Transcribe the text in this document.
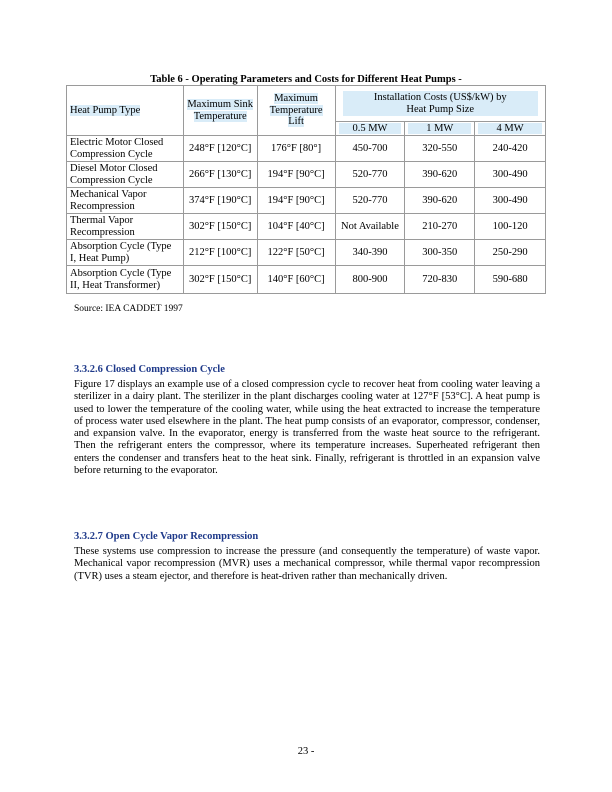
Table 6 - Operating Parameters and Costs for Different Heat Pumps -
Heat Pump Type	Maximum Sink Temperature	Maximum Temperature Lift	Installation Costs (US$/kW) by Heat Pump Size		

			0.5 MW	1 MW	4 MW

Electric Motor Closed Compression Cycle	248°F [120°C]	176°F [80°]	450-700	320-550	240-420
Diesel Motor Closed Compression Cycle	266°F [130°C]	194°F [90°C]	520-770	390-620	300-490
Mechanical Vapor Recompression	374°F [190°C]	194°F [90°C]	520-770	390-620	300-490
Thermal Vapor Recompression	302°F [150°C]	104°F [40°C]	Not Available	210-270	100-120
Absorption Cycle (Type I, Heat Pump)	212°F [100°C]	122°F [50°C]	340-390	300-350	250-290
Absorption Cycle (Type II, Heat Transformer)	302°F [150°C]	140°F [60°C]	800-900	720-830	590-680
Source: IEA CADDET 1997
3.3.2.6 Closed Compression Cycle

Figure 17 displays an example use of a closed compression cycle to recover heat from cooling water leaving a sterilizer in a dairy plant. The sterilizer in the plant discharges cooling water at 127°F [53°C]. A heat pump is used to lower the temperature of the cooling water, while using the heat extracted to increase the temperature of process water used elsewhere in the plant. The heat pump consists of an evaporator, compressor, condenser, and expansion valve. In the evaporator, energy is transferred from the waste heat source to the refrigerant. Then the refrigerant enters the compressor, where its temperature increases. Superheated refrigerant then enters the condenser and transfers heat to the heat sink. Finally, refrigerant is throttled in an expansion valve before returning to the evaporator.

3.3.2.7 Open Cycle Vapor Recompression

These systems use compression to increase the pressure (and consequently the temperature) of waste vapor. Mechanical vapor recompression (MVR) uses a mechanical compressor, while thermal vapor recompression (TVR) uses a steam ejector, and therefore is heat-driven rather than mechanically driven.

23 -
